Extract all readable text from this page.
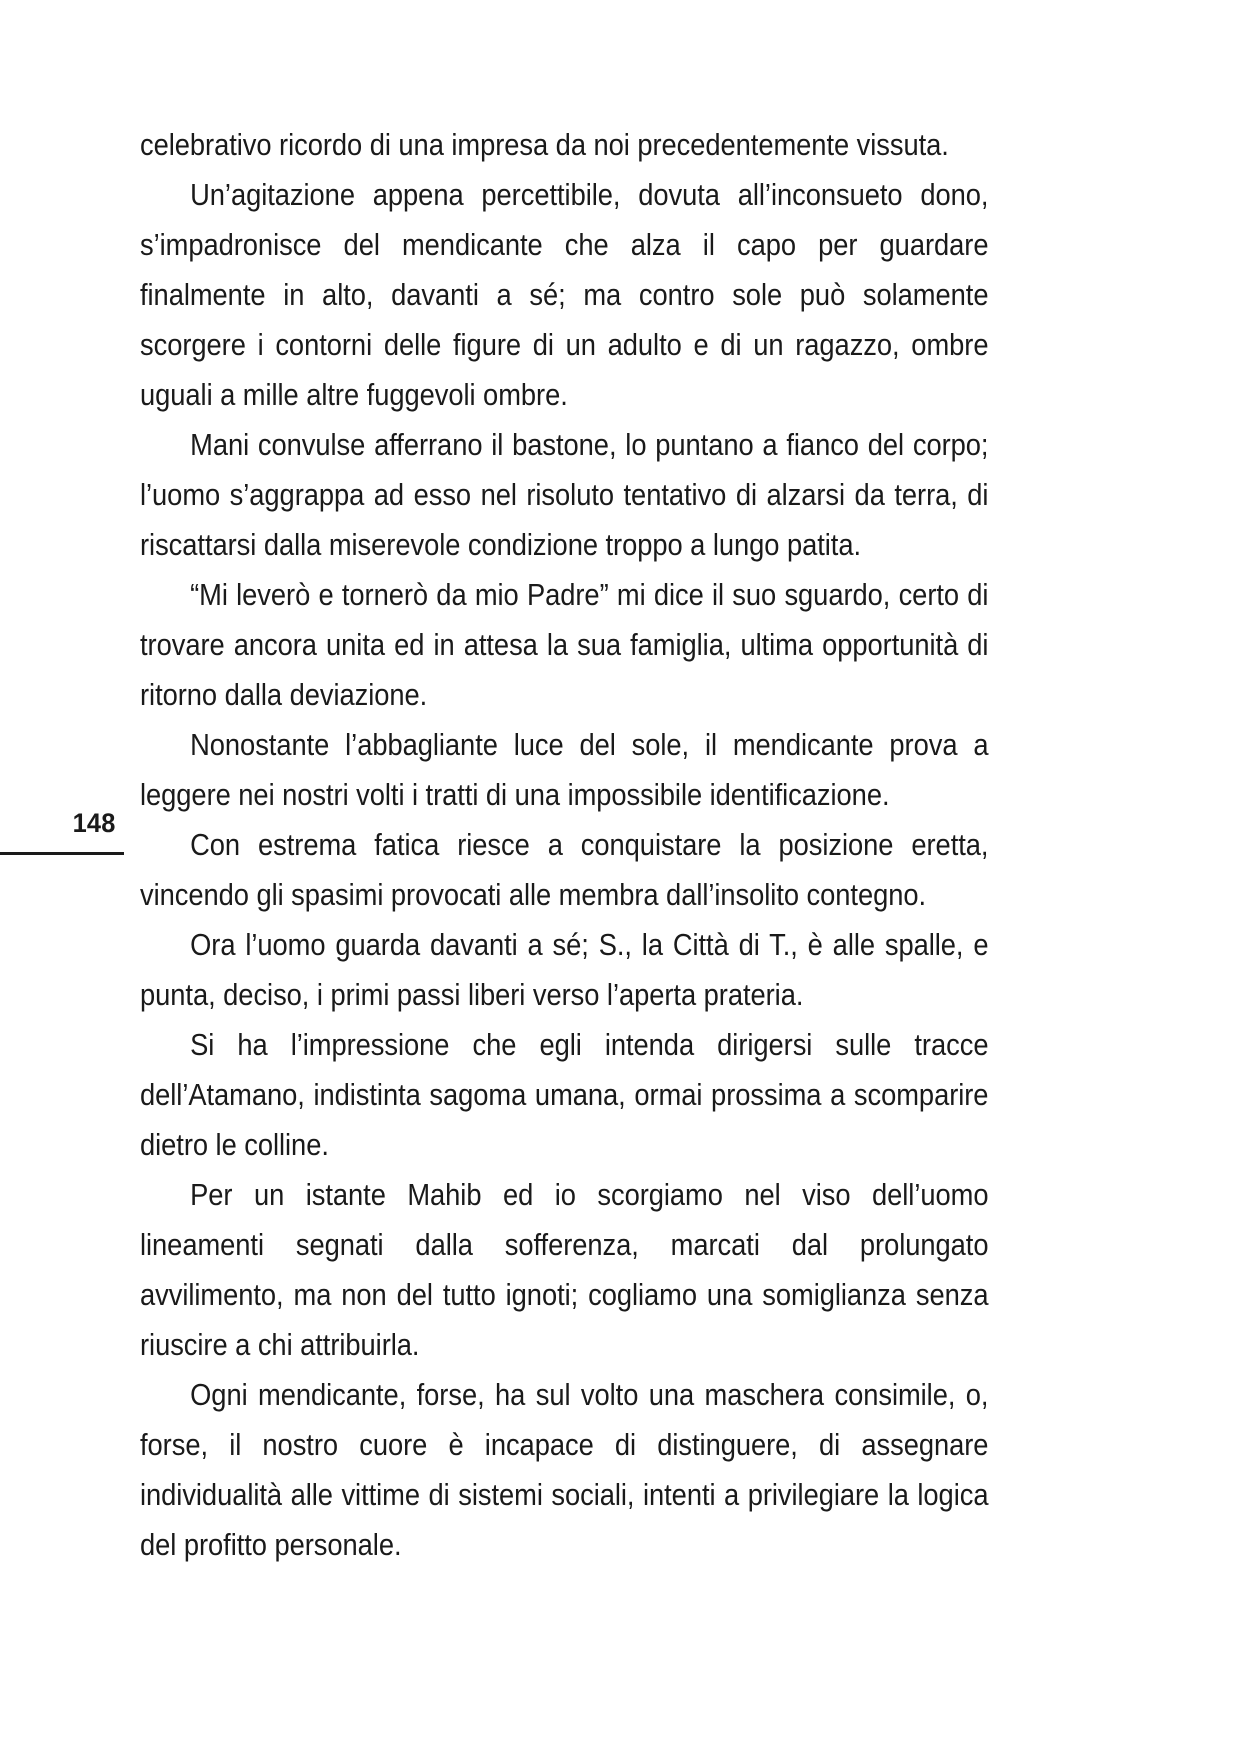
148

celebrativo ricordo di una impresa da noi precedentemente vissuta.

Un’agitazione appena percettibile, dovuta all’inconsueto dono, s’impadronisce del mendicante che alza il capo per guardare finalmente in alto, davanti a sé; ma contro sole può solamente scorgere i contorni delle figure di un adulto e di un ragazzo, ombre uguali a mille altre fuggevoli ombre.

Mani convulse afferrano il bastone, lo puntano a fianco del corpo; l’uomo s’aggrappa ad esso nel risoluto tentativo di alzarsi da terra, di riscattarsi dalla miserevole condizione troppo a lungo patita.

“Mi leverò e tornerò da mio Padre” mi dice il suo sguardo, certo di trovare ancora unita ed in attesa la sua famiglia, ultima opportunità di ritorno dalla deviazione.

Nonostante l’abbagliante luce del sole, il mendicante prova a leggere nei nostri volti i tratti di una impossibile identificazione.

Con estrema fatica riesce a conquistare la posizione eretta, vincendo gli spasimi provocati alle membra dall’insolito contegno.

Ora l’uomo guarda davanti a sé; S., la Città di T., è alle spalle, e punta, deciso, i primi passi liberi verso l’aperta prateria.

Si ha l’impressione che egli intenda dirigersi sulle tracce dell’Atamano, indistinta sagoma umana, ormai prossima a scomparire dietro le colline.

Per un istante Mahib ed io scorgiamo nel viso dell’uomo lineamenti segnati dalla sofferenza, marcati dal prolungato avvilimento, ma non del tutto ignoti; cogliamo una somiglianza senza riuscire a chi attribuirla.

Ogni mendicante, forse, ha sul volto una maschera consimile, o, forse, il nostro cuore è incapace di distinguere, di assegnare individualità alle vittime di sistemi sociali, intenti a privilegiare la logica del profitto personale.
